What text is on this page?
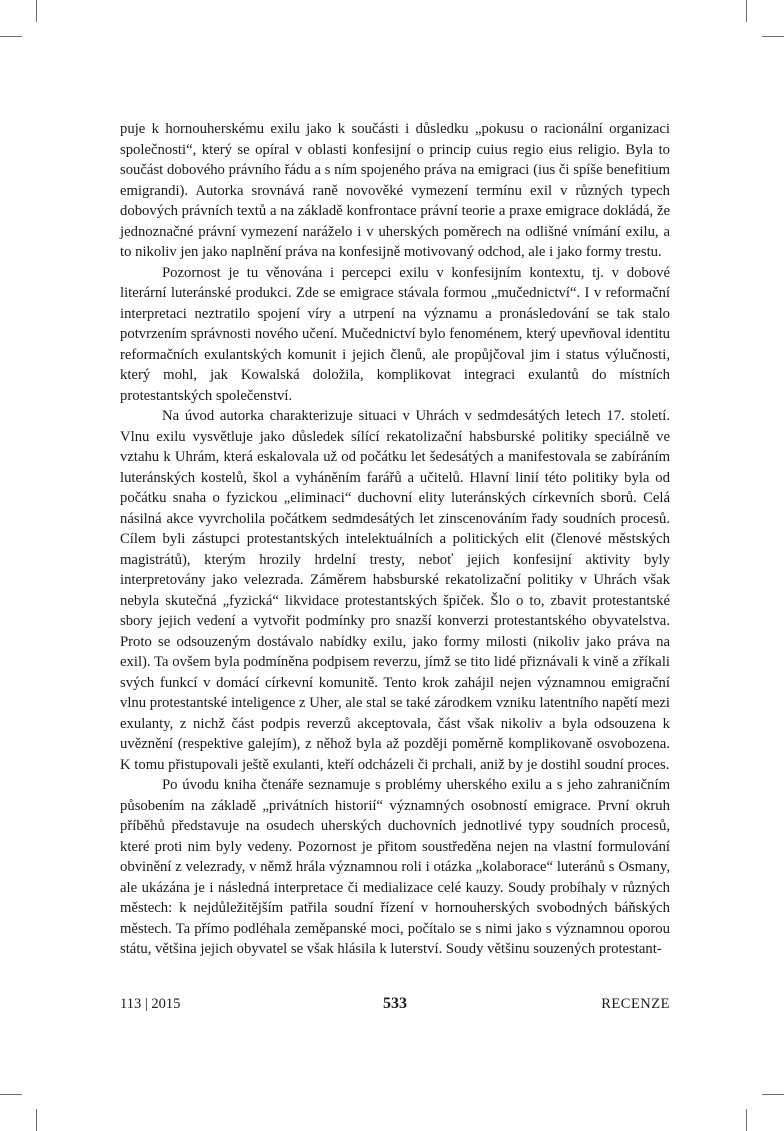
puje k hornouherskému exilu jako k součásti i důsledku „pokusu o racionální organizaci společnosti“, který se opíral v oblasti konfesijní o princip cuius regio eius religio. Byla to součást dobového právního řádu a s ním spojeného práva na emigraci (ius či spíše benefitium emigrandi). Autorka srovnává raně novověké vymezení termínu exil v různých typech dobových právních textů a na základě konfrontace právní teorie a praxe emigrace dokládá, že jednoznačné právní vymezení naráželo i v uherských poměrech na odlišné vnímání exilu, a to nikoliv jen jako naplnění práva na konfesijně motivovaný odchod, ale i jako formy trestu.

Pozornost je tu věnována i percepci exilu v konfesijním kontextu, tj. v dobové literární luteránské produkci. Zde se emigrace stávala formou „mučednictví“. I v reformační interpretaci neztratilo spojení víry a utrpení na významu a pronásledování se tak stalo potvrzením správnosti nového učení. Mučednictví bylo fenoménem, který upevňoval identitu reformačních exulantských komunit i jejich členů, ale propůjčoval jim i status výlučnosti, který mohl, jak Kowalská doložila, komplikovat integraci exulantů do místních protestantských společenství.

Na úvod autorka charakterizuje situaci v Uhrách v sedmdesátých letech 17. století. Vlnu exilu vysvětluje jako důsledek sílící rekatolizační habsburské politiky speciálně ve vztahu k Uhrám, která eskalovala už od počátku let šedesátých a manifestovala se zabíráním luteránských kostelů, škol a vyháněním farářů a učitelů. Hlavní linií této politiky byla od počátku snaha o fyzickou „eliminaci“ duchovní elity luteránských církevních sborů. Celá násilná akce vyvrcholila počátkem sedmdesátých let zinscenováním řady soudních procesů. Cílem byli zástupci protestantských intelektuálních a politických elit (členové městských magistrátů), kterým hrozily hrdelní tresty, neboť jejich konfesijní aktivity byly interpretovány jako velezrada. Záměrem habsburské rekatolizační politiky v Uhrách však nebyla skutečná „fyzická“ likvidace protestantských špiček. Šlo o to, zbavit protestantské sbory jejich vedení a vytvořit podmínky pro snazší konverzi protestantského obyvatelstva. Proto se odsouzeným dostávalo nabídky exilu, jako formy milosti (nikoliv jako práva na exil). Ta ovšem byla podmíněna podpisem reverzu, jímž se tito lidé přiznávali k vině a zříkali svých funkcí v domácí církevní komunitě. Tento krok zahájil nejen významnou emigrační vlnu protestantské inteligence z Uher, ale stal se také zárodkem vzniku latentního napětí mezi exulanty, z nichž část podpis reverzů akceptovala, část však nikoliv a byla odsouzena k uvěznění (respektive galejím), z něhož byla až později poměrně komplikovaně osvobozena. K tomu přistupovali ještě exulanti, kteří odcházeli či prchali, aniž by je dostihl soudní proces.

Po úvodu kniha čtenáře seznamuje s problémy uherského exilu a s jeho zahraničním působením na základě „privátních historií“ významných osobností emigrace. První okruh příběhů představuje na osudech uherských duchovních jednotlivé typy soudních procesů, které proti nim byly vedeny. Pozornost je přitom soustředěna nejen na vlastní formulování obvinění z velezrady, v němž hrála významnou roli i otázka „kolaborace“ luteránů s Osmany, ale ukázána je i následná interpretace či medializace celé kauzy. Soudy probíhaly v různých městech: k nejdůležitějším patřila soudní řízení v hornouherských svobodných báňských městech. Ta přímo podléhala zeměpanské moci, počítalo se s nimi jako s významnou oporou státu, většina jejich obyvatel se však hlásila k luterství. Soudy většinu souzených protestant-

113 | 2015	533	RECENZE
